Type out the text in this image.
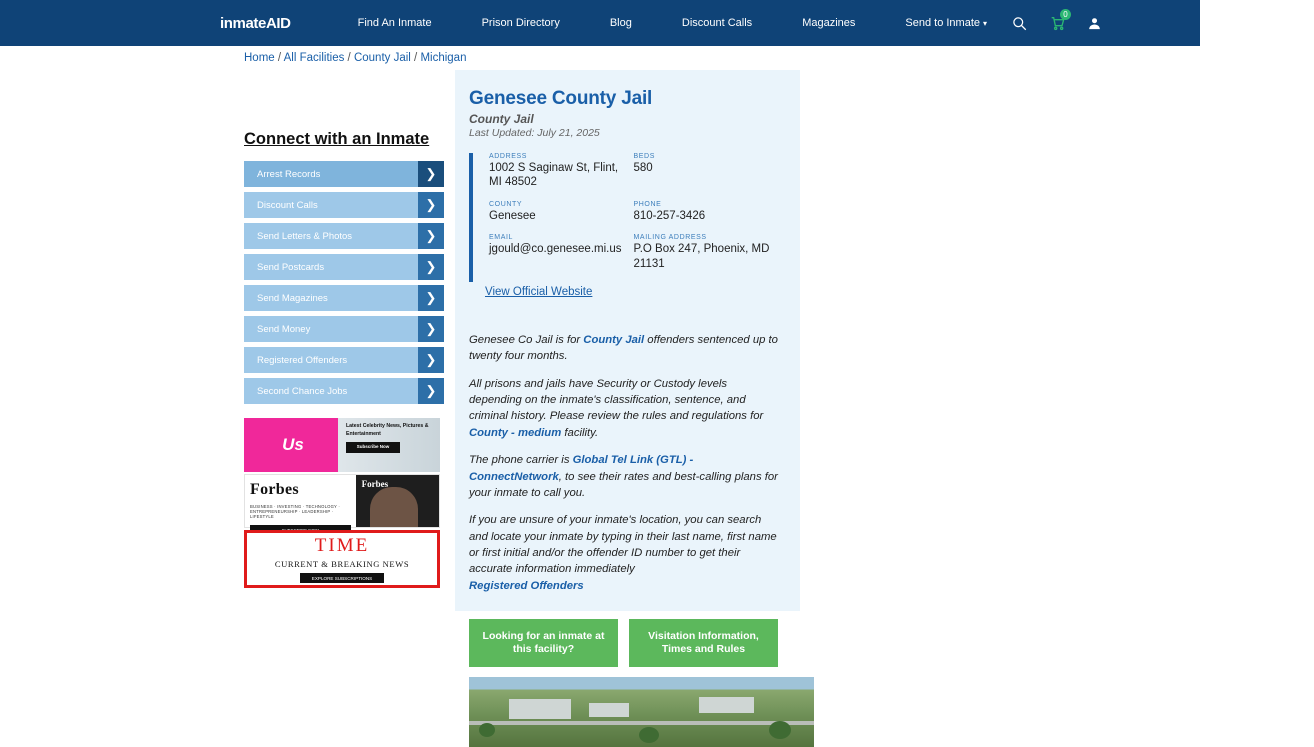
inmateAID	Find An Inmate	Prison Directory	Blog	Discount Calls	Magazines	Send to Inmate ▾
0
Home / All Facilities / County Jail / Michigan
Connect with an Inmate
Arrest Records	❯
Discount Calls	❯
Send Letters & Photos	❯
Send Postcards	❯
Send Magazines	❯
Send Money	❯
Registered Offenders	❯
Second Chance Jobs	❯
Us
Latest Celebrity News, Pictures & Entertainment
Subscribe Now
Forbes
BUSINESS · INVESTING · TECHNOLOGY · ENTREPRENEURSHIP · LEADERSHIP · LIFESTYLE
Forbes
TIME
CURRENT & BREAKING NEWS
EXPLORE SUBSCRIPTIONS
Genesee County Jail

County Jail

Last Updated: July 21, 2025

ADDRESS
1002 S Saginaw St, Flint, MI 48502
BEDS
580
COUNTY
Genesee
PHONE
810-257-3426
EMAIL
jgould@co.genesee.mi.us
MAILING ADDRESS
P.O Box 247, Phoenix, MD 21131
View Official Website

Genesee Co Jail is for County Jail offenders sentenced up to twenty four months.

All prisons and jails have Security or Custody levels depending on the inmate's classification, sentence, and criminal history. Please review the rules and regulations for County - medium facility.

The phone carrier is Global Tel Link (GTL) - ConnectNetwork, to see their rates and best-calling plans for your inmate to call you.

If you are unsure of your inmate's location, you can search and locate your inmate by typing in their last name, first name or first initial and/or the offender ID number to get their accurate information immediately
Registered Offenders

Looking for an inmate at this facility?
Visitation Information, Times and Rules
